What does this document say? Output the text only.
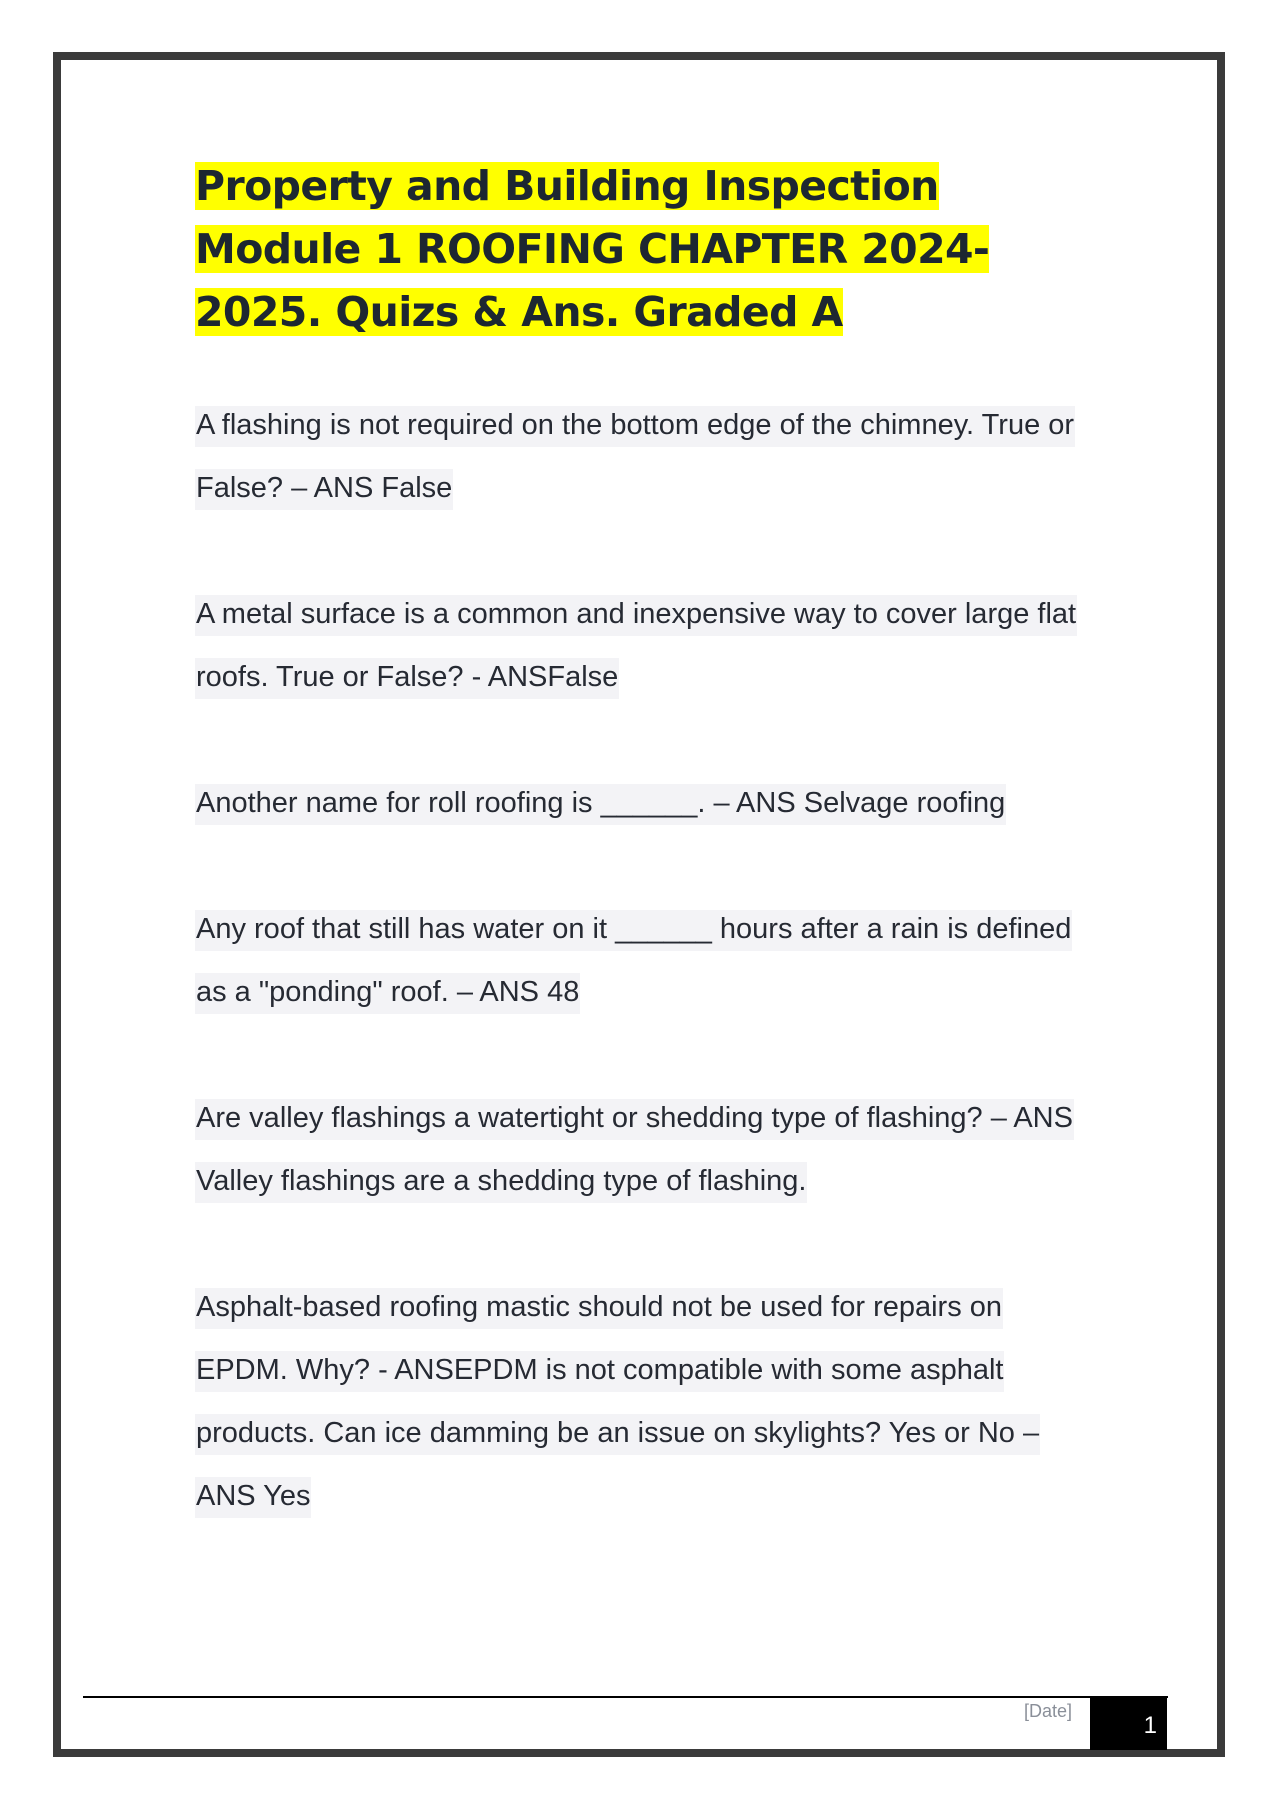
Property and Building Inspection Module 1 ROOFING CHAPTER 2024-2025. Quizs & Ans. Graded A

A flashing is not required on the bottom edge of the chimney. True or False? – ANS False

A metal surface is a common and inexpensive way to cover large flat roofs. True or False? - ANSFalse

Another name for roll roofing is ______. – ANS Selvage roofing

Any roof that still has water on it ______ hours after a rain is defined as a "ponding" roof. – ANS 48

Are valley flashings a watertight or shedding type of flashing? – ANS Valley flashings are a shedding type of flashing.

Asphalt-based roofing mastic should not be used for repairs on EPDM. Why? - ANSEPDM is not compatible with some asphalt products. Can ice damming be an issue on skylights? Yes or No – ANS Yes

[Date]
1
